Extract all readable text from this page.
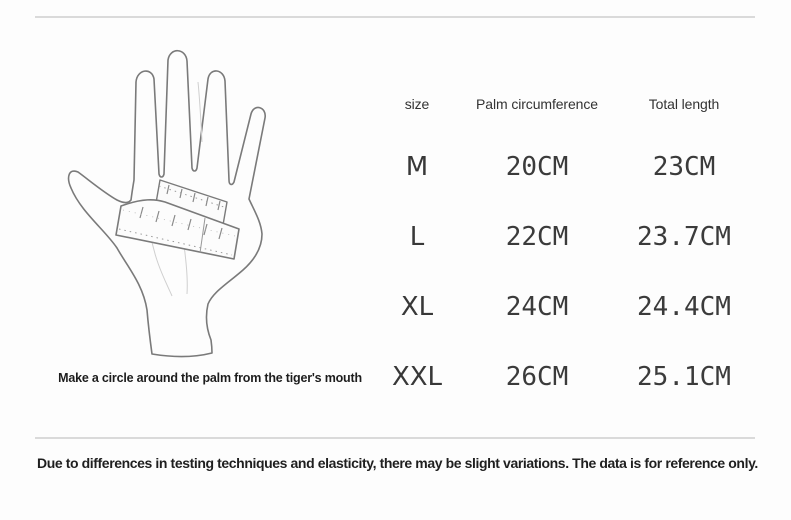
Make a circle around the palm from the tiger's mouth
size	Palm circumference	Total length
M	20CM	23CM
L	22CM	23.7CM
XL	24CM	24.4CM
XXL 26CM	25.1CM
Due to differences in testing techniques and elasticity, there may be slight variations. The data is for reference only.
